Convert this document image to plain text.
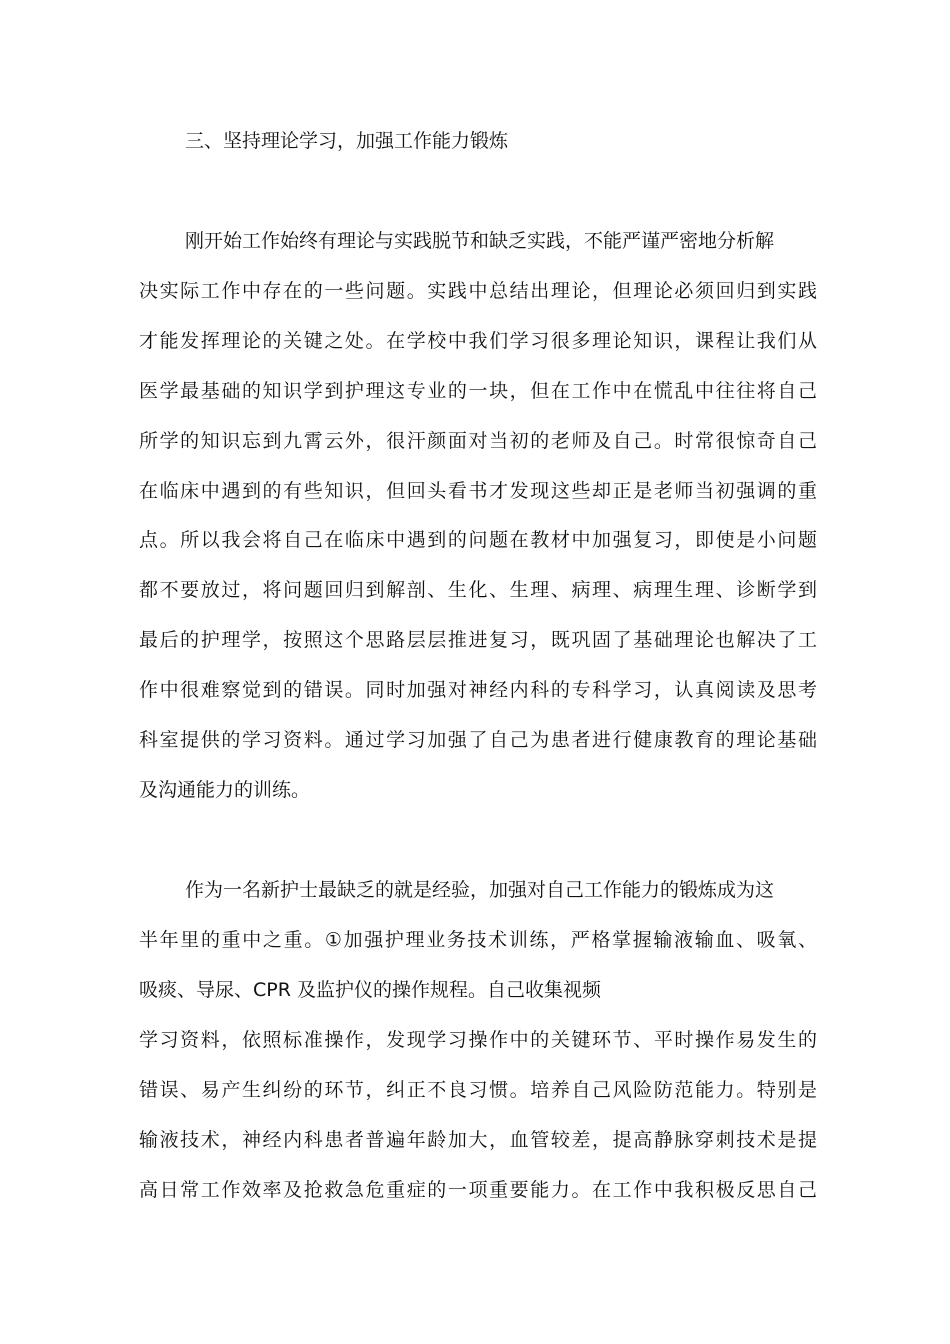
三、坚持理论学习，加强工作能力锻炼

刚开始工作始终有理论与实践脱节和缺乏实践，不能严谨严密地分析解

决实际工作中存在的一些问题。实践中总结出理论，但理论必须回归到实践

才能发挥理论的关键之处。在学校中我们学习很多理论知识，课程让我们从

医学最基础的知识学到护理这专业的一块，但在工作中在慌乱中往往将自己

所学的知识忘到九霄云外，很汗颜面对当初的老师及自己。时常很惊奇自己

在临床中遇到的有些知识，但回头看书才发现这些却正是老师当初强调的重

点。所以我会将自己在临床中遇到的问题在教材中加强复习，即使是小问题

都不要放过，将问题回归到解剖、生化、生理、病理、病理生理、诊断学到

最后的护理学，按照这个思路层层推进复习，既巩固了基础理论也解决了工

作中很难察觉到的错误。同时加强对神经内科的专科学习，认真阅读及思考

科室提供的学习资料。通过学习加强了自己为患者进行健康教育的理论基础

及沟通能力的训练。

作为一名新护士最缺乏的就是经验，加强对自己工作能力的锻炼成为这

半年里的重中之重。①加强护理业务技术训练，严格掌握输液输血、吸氧、

吸痰、导尿、CPR 及监护仪的操作规程。自己收集视频

学习资料，依照标准操作，发现学习操作中的关键环节、平时操作易发生的

错误、易产生纠纷的环节，纠正不良习惯。培养自己风险防范能力。特别是

输液技术，神经内科患者普遍年龄加大，血管较差，提高静脉穿刺技术是提

高日常工作效率及抢救急危重症的一项重要能力。在工作中我积极反思自己
